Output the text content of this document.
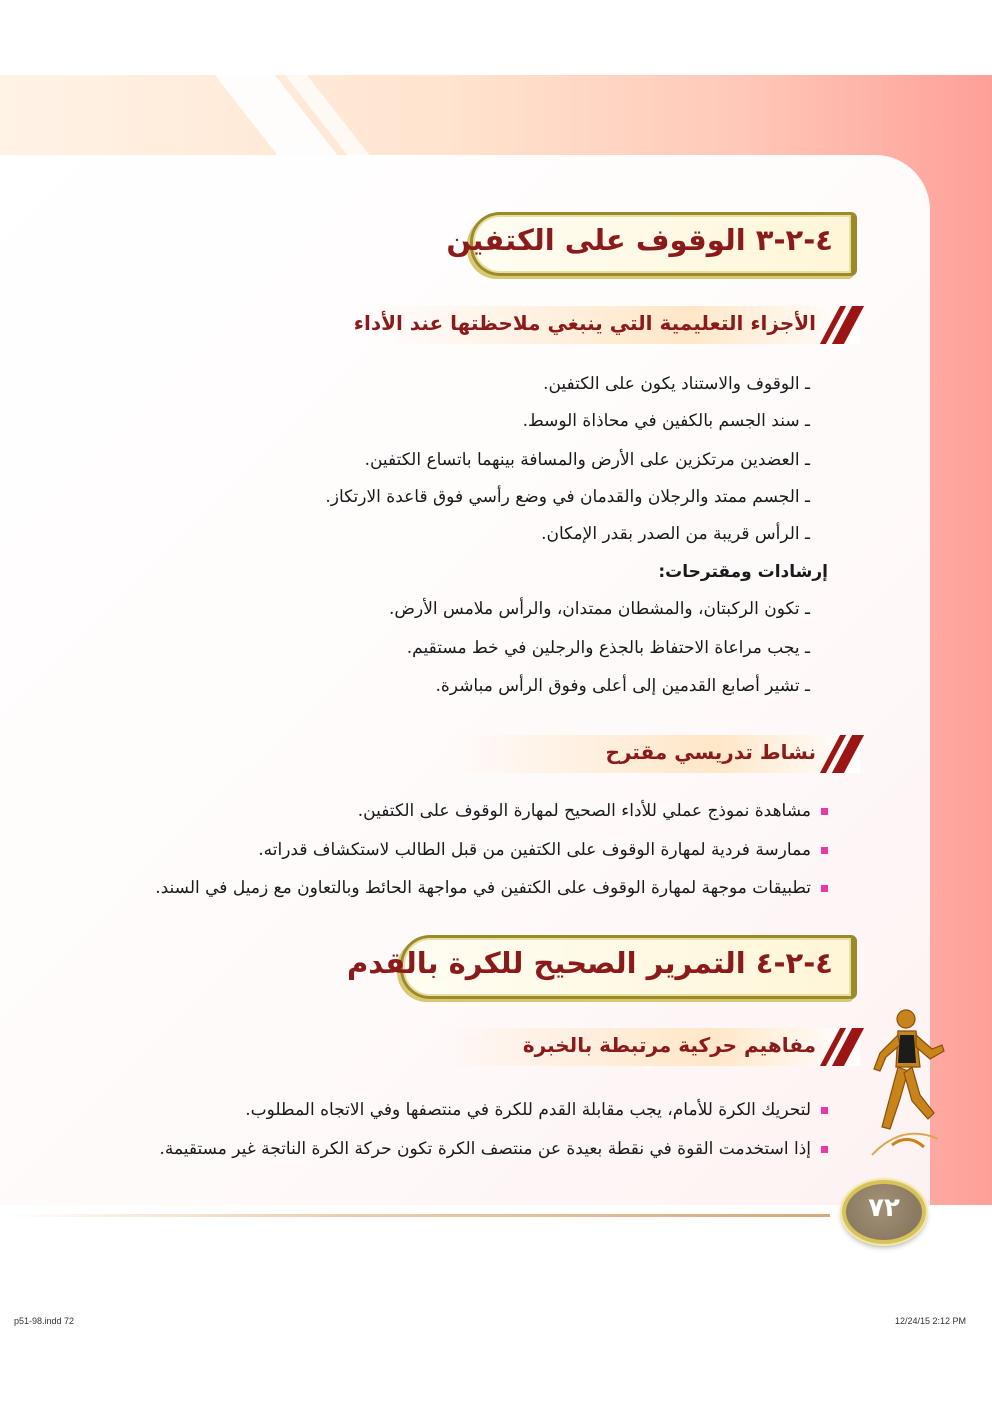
٤-٢-٣ الوقوف على الكتفين
الأجزاء التعليمية التي ينبغي ملاحظتها عند الأداء
ـ الوقوف والاستناد يكون على الكتفين.
ـ سند الجسم بالكفين في محاذاة الوسط.
ـ العضدين مرتكزين على الأرض والمسافة بينهما باتساع الكتفين.
ـ الجسم ممتد والرجلان والقدمان في وضع رأسي فوق قاعدة الارتكاز.
ـ الرأس قريبة من الصدر بقدر الإمكان.
إرشادات ومقترحات:
ـ تكون الركبتان، والمشطان ممتدان، والرأس ملامس الأرض.
ـ يجب مراعاة الاحتفاظ بالجذع والرجلين في خط مستقيم.
ـ تشير أصابع القدمين إلى أعلى وفوق الرأس مباشرة.
نشاط تدريسي مقترح
مشاهدة نموذج عملي للأداء الصحيح لمهارة الوقوف على الكتفين.
ممارسة فردية لمهارة الوقوف على الكتفين من قبل الطالب لاستكشاف قدراته.
تطبيقات موجهة لمهارة الوقوف على الكتفين في مواجهة الحائط وبالتعاون مع زميل في السند.
٤-٢-٤ التمرير الصحيح للكرة بالقدم
مفاهيم حركية مرتبطة بالخبرة
لتحريك الكرة للأمام، يجب مقابلة القدم للكرة في منتصفها وفي الاتجاه المطلوب.
إذا استخدمت القوة في نقطة بعيدة عن منتصف الكرة تكون حركة الكرة الناتجة غير مستقيمة.
٧٢
p51-98.indd 72	12/24/15 2:12 PM
